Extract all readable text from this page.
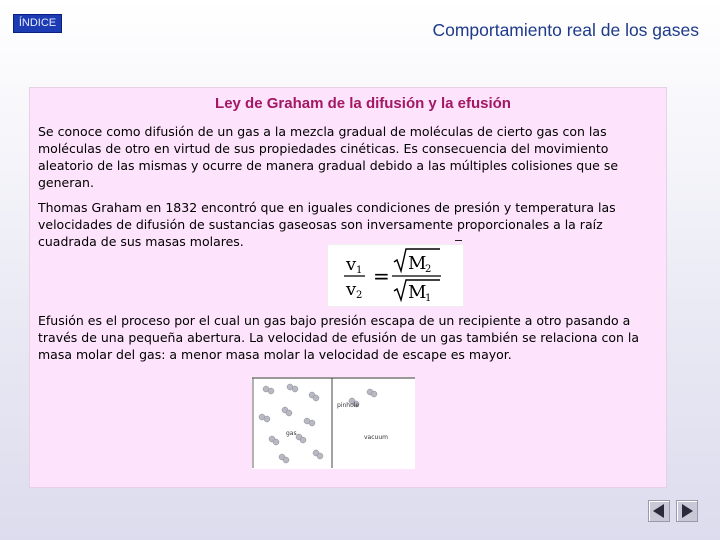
ÍNDICE	Comportamiento real de los gases
Ley de Graham de la difusión y la efusión

Se conoce como difusión de un gas a la mezcla gradual de moléculas de cierto gas con las moléculas de otro en virtud de sus propiedades cinéticas. Es consecuencia del movimiento aleatorio de las mismas y ocurre de manera gradual debido a las múltiples colisiones que se generan.

Thomas Graham en 1832 encontró que en iguales condiciones de presión y temperatura las velocidades de difusión de sustancias gaseosas son inversamente proporcionales a la raíz cuadrada de sus masas molares.

v 1
v 2
=
M
2
M
1

Efusión es el proceso por el cual un gas bajo presión escapa de un recipiente a otro pasando a través de una pequeña abertura. La velocidad de efusión de un gas también se relaciona con la masa molar del gas: a menor masa molar la velocidad de escape es mayor.

pinhole
gas
vacuum
